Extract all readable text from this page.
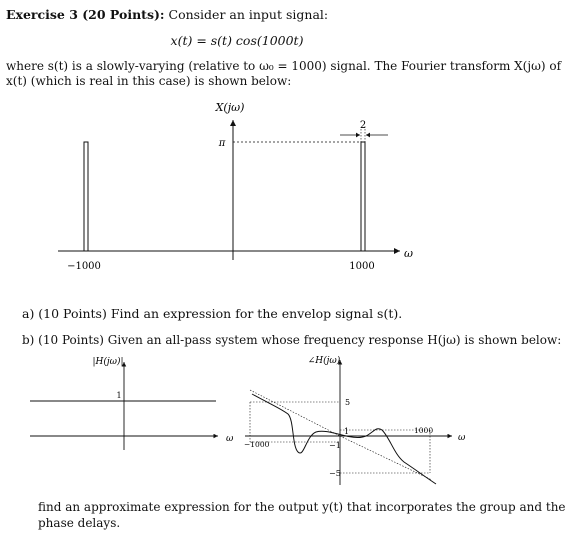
Exercise 3 (20 Points): Consider an input signal:
x(t) = s(t) cos(1000t)
where s(t) is a slowly-varying (relative to ω₀ = 1000) signal. The Fourier transform X(jω) of
x(t) (which is real in this case) is shown below:
X(jω)
π
2
ω
−1000	1000
a) (10 Points) Find an expression for the envelop signal s(t).
b) (10 Points) Given an all-pass system whose frequency response H(jω) is shown below:
|H(jω)|
1
ω
∠H(jω)
5
1
−1
−5
−1000
1000
ω
find an approximate expression for the output y(t) that incorporates the group and the
phase delays.
